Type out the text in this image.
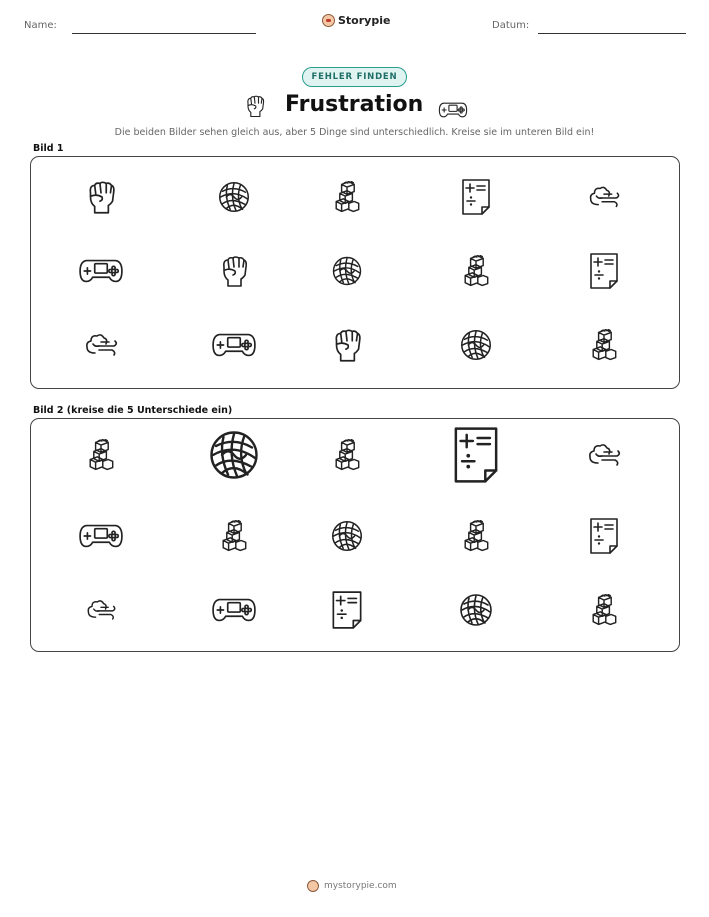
Name:	Storypie	Datum:
FEHLER FINDEN
Frustration
Die beiden Bilder sehen gleich aus, aber 5 Dinge sind unterschiedlich. Kreise sie im unteren Bild ein!
Bild 1
Bild 2 (kreise die 5 Unterschiede ein)
mystorypie.com
